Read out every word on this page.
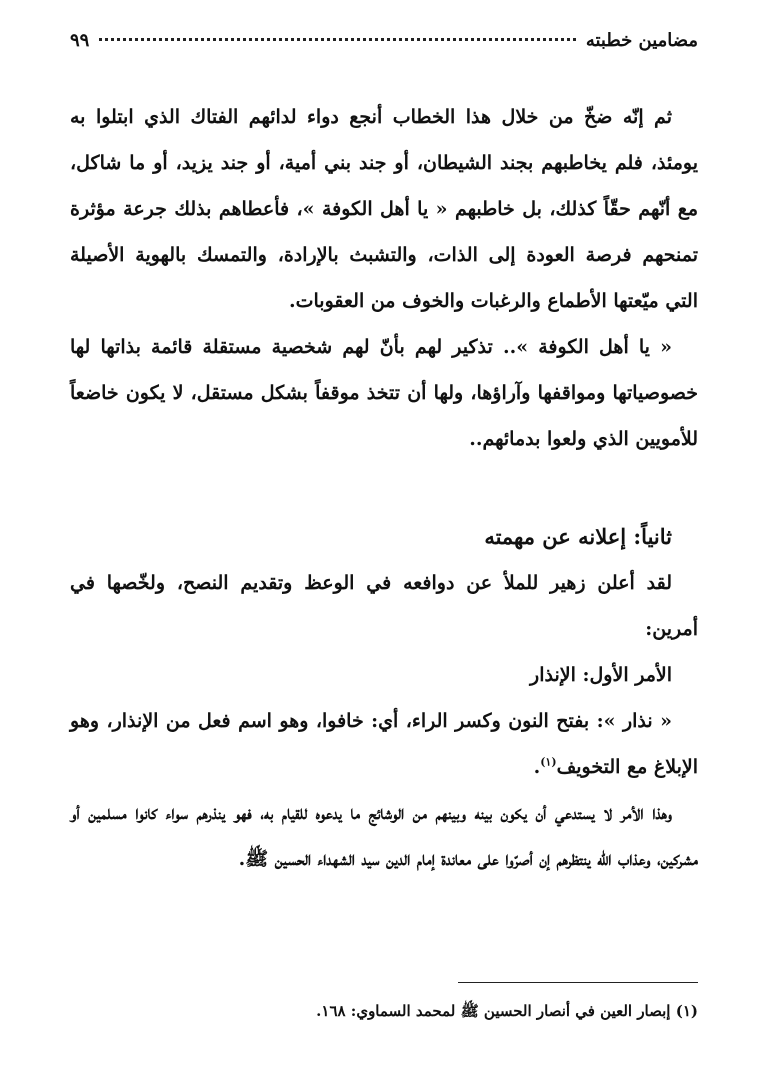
مضامين خطبته
٩٩

ثم إنّه ضخّ من خلال هذا الخطاب أنجع دواء لدائهم الفتاك الذي ابتلوا به يومئذ، فلم يخاطبهم بجند الشيطان، أو جند بني أمية، أو جند يزيد، أو ما شاكل، مع أنّهم حقّاً كذلك، بل خاطبهم « يا أهل الكوفة »، فأعطاهم بذلك جرعة مؤثرة تمنحهم فرصة العودة إلى الذات، والتشبث بالإرادة، والتمسك بالهوية الأصيلة التي ميّعتها الأطماع والرغبات والخوف من العقوبات.

« يا أهل الكوفة ».. تذكير لهم بأنّ لهم شخصية مستقلة قائمة بذاتها لها خصوصياتها ومواقفها وآراؤها، ولها أن تتخذ موقفاً بشكل مستقل، لا يكون خاضعاً للأمويين الذي ولعوا بدمائهم..

ثانياً: إعلانه عن مهمته

لقد أعلن زهير للملأ عن دوافعه في الوعظ وتقديم النصح، ولخّصها في أمرين:

الأمر الأول: الإنذار

« نذار »: بفتح النون وكسر الراء، أي: خافوا، وهو اسم فعل من الإنذار، وهو الإبلاغ مع التخويف$^{(١)}$.

وهذا الأمر لا يستدعي أن يكون بينه وبينهم من الوشائج ما يدعوه للقيام به، فهو ينذرهم سواء كانوا مسلمين أو مشركين، وعذاب الله ينتظرهم إن أصرّوا على معاندة إمام الدين سيد الشهداء الحسين ﷺ.

(١) إبصار العين في أنصار الحسين ﷺ لمحمد السماوي: ١٦٨.
